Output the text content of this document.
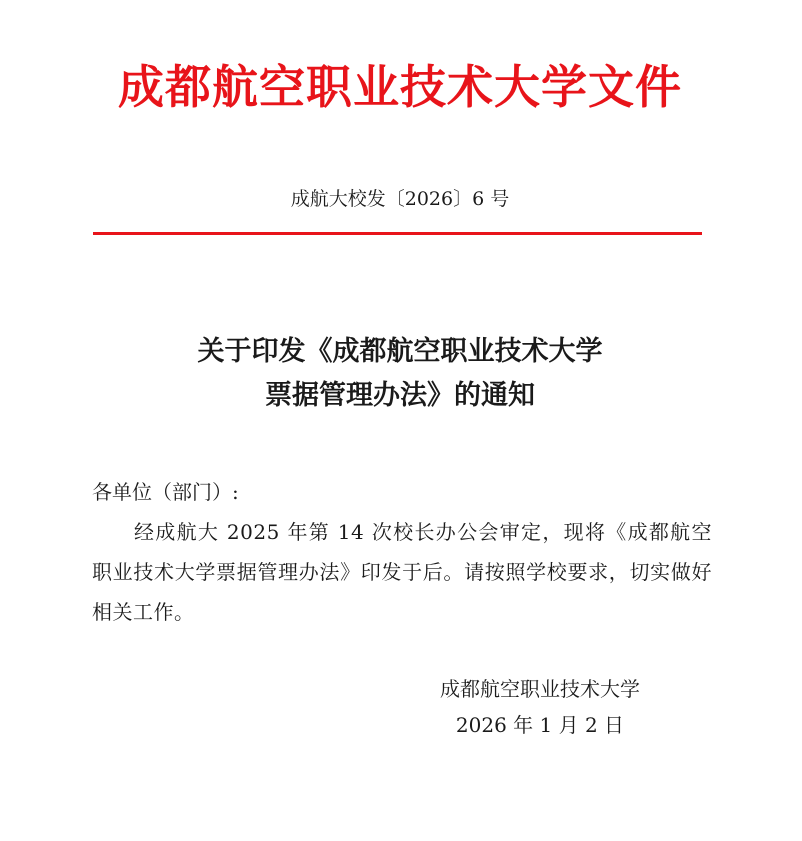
成都航空职业技术大学文件
成航大校发〔2026〕6 号
关于印发《成都航空职业技术大学
票据管理办法》的通知
各单位（部门）:
经成航大 2025 年第 14 次校长办公会审定，现将《成都航空职业技术大学票据管理办法》印发于后。请按照学校要求，切实做好相关工作。
成都航空职业技术大学
2026 年 1 月 2 日
